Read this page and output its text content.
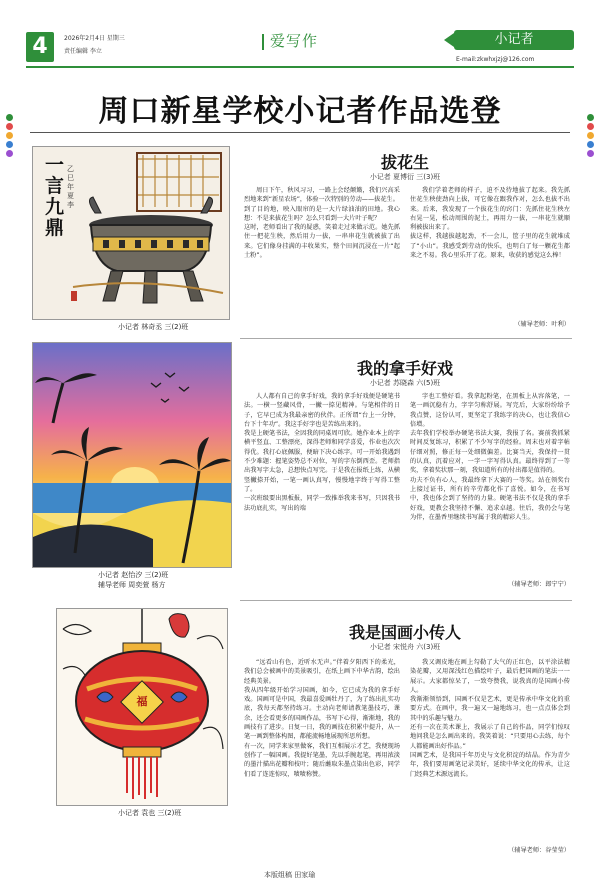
4	2026年2月4日 星期三
责任编辑 李立
爱写作	小记者
E-mail:zkwhxjzj@126.com
周口新星学校小记者作品选登
一言九鼎
乙巳年 夏 李
小记者 林奇丞 三(2)班
小记者 赵怡汐 三(2)班
辅导老师 周奕萱 杨方
福
小记者 袁也 三(2)班
拔花生
小记者 夏博衍 三(3)班
周日下午，秋风习习，一路上会经颠簸，我们兴高采烈地来到“新星农场”，体验一次特别的劳动——拔花生。
到了目的地，映入眼帘的是一大片绿油油的田地。我心想：不是来拔花生吗？怎么只看到一大片叶子呢？
这时，老师看出了我的疑惑，笑着走过来做示范。她先抓住一把花生秧，然后用力一拔，一串串花生就被拔了出来。它们像身挂满的丰收果实，整个田间沉浸在一片“起土粉”。
我们学着老师的样子，迫不及待地拔了起来。我先抓住花生秧使劲向上拔，可它像在跟我作对，怎么也拔不出来。后来，我发现了一个拔花生的窍门：先抓住花生秧左右晃一晃，松动周围的泥土，再用力一拔，一串花生就顺利被拔出来了。
拔这样，我越拔越起劲，不一会儿，筐子里的花生就堆成了“小山”。我感受到劳动的快乐，也明白了每一颗花生都来之不易。我心里乐开了花。原来，收获的感觉这么棒！
（辅导老师：叶利）
我的拿手好戏
小记者 苏晓森 六(5)班
人人都有自己的拿手好戏，我的拿手好戏便是硬笔书法。一横一竖藏风骨，一撇一捺见精神。与笔相伴的日子，它早已成为我最亲密的伙伴。正所谓“台上一分钟，台下十年功”。我这手好字也是苦练出来的。
我是上硬笔书法，全因我的同桌周可欣。她作业本上的字横平竖直、工整漂亮，深得老师和同学喜爱，作业也次次得优。我打心底佩服，便暗下决心练字。可一开始我遇到不少难题：握笔姿势总不对位，写的字东倒西歪。老师指出我写字太急，总想快点写完。于是我在报纸上练，从横竖撇捺开始，一笔一画认真写，慢慢地字终于写得工整了。
一次班级要出黑板报，同学一致推举我来书写，只因我书法功底扎实，写出的端
字也工整好看。我拿起粉笔，在黑板上从容落笔，一笔一画沉稳有力，字字匀称舒展。写完后，大家纷纷给予我点赞，这份认可，更坚定了我练字的决心，也让我信心倍增。
去年我们学校举办硬笔书法大赛，我报了名。赛前我抓紧时间反复练习，积累了不少写字的经验。周末也对着字帖仔细对照，修正每一处细微偏差。比赛当天，我保持一贯的认真，沉着应对，一字一字写得认真。最终得到了一等奖，拿着奖状那一刻，我知道所有的付出都是值得的。
功夫不负有心人，我最终拿下大赛的一等奖。站在领奖台上接过证书，所有的辛劳都化作了喜悦。如今，在书写中，我也体会到了坚持的力量。硬笔书法不仅是我的拿手好戏，更教会我坚持不懈、追求卓越。往后，我仍会与笔为伴，在墨香里继续书写属于我的精彩人生。
（辅导老师：郎宁宁）
我是国画小传人
小记者 宋悦舟 六(3)班
“远看山有色，近听水无声。”伴着夕阳西下的柔光，我们总会被画中的美景吸引，在纸上画下中华古韵，绘出经典美景。
我从四年级开始学习国画，如今，它已成为我的拿手好戏。国画可是中国，我最喜爱画牡丹了，为了练出扎实功底，我每天都坚持练习。主动向老师请教笔墨技巧，课余，还会看更多的国画作品，书写下心得，渐渐地，我的画技有了进步。日复一日，我的画技在积累中提升，从一笔一画到整体构图，都能流畅地展现所思所想。
有一次，同学来家里做客，我们互相展示才艺，我便现场创作了一幅国画。我提好笔墨，先以手腕起笔，再用浓淡的墨汁描出花瓣和枝叶；随后蘸取朱墨点染出色彩，同学们看了连连惊叹，啧啧称赞。
我又调皮地在画上勾勒了大气的正红色，以平涂法精染花瓣，又用深浅红色描绘叶子，最后把国画的笔法一一展示。大家都惊呆了，一致夸赞我，说我真的是国画小传人。
我渐渐领悟到，国画不仅是艺术，更是传承中华文化的重要方式。在画中，我一遍又一遍地练习，也一点点体会到其中的乐趣与魅力。
还有一次在美术课上，我展示了自己的作品，同学们惊叹地问我是怎么画出来的。我笑着说：“只要用心去练，每个人都能画出好作品。”
国画艺术，是我国千年历史与文化积淀的结晶。作为青少年，我们要用画笔记录美好，延续中华文化的传承，让这门经典艺术源远流长。
（辅导老师：谷莹莹）
本版组稿 田家瑜
